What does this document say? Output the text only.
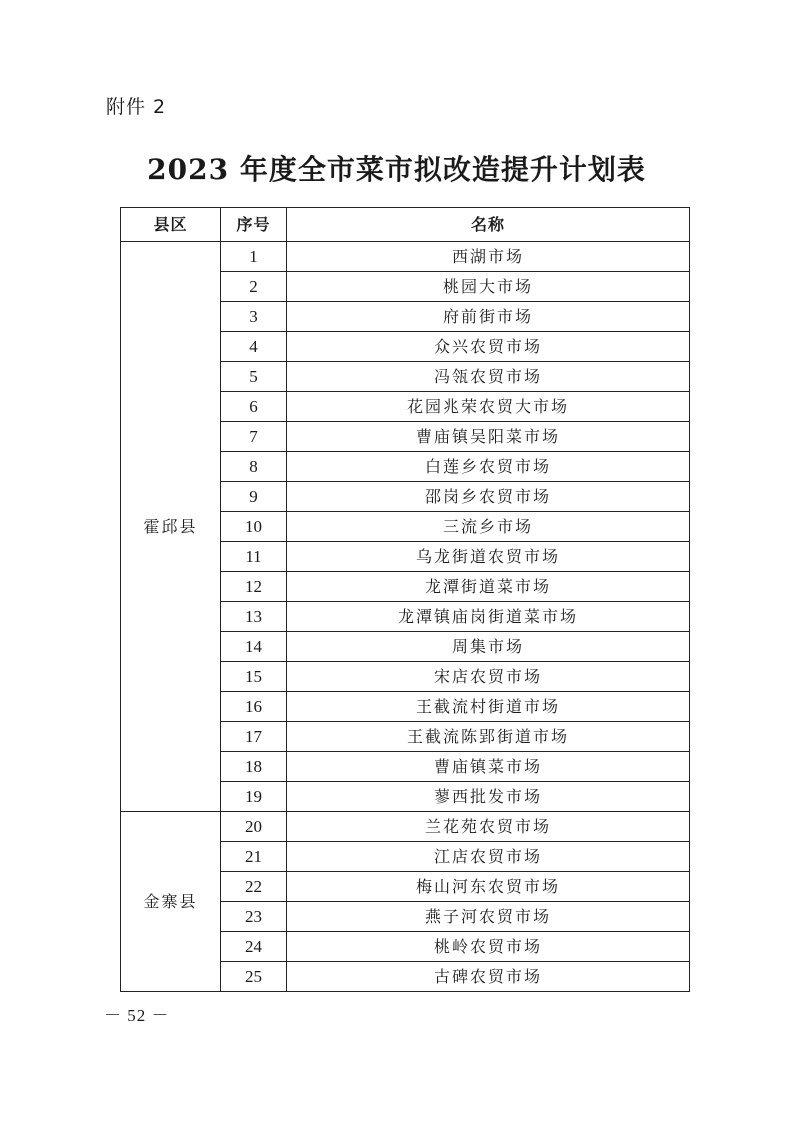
附件 2
2023 年度全市菜市拟改造提升计划表
县区	序号	名称
霍邱县	1	西湖市场
	2	桃园大市场
	3	府前街市场
	4	众兴农贸市场
	5	冯瓴农贸市场
	6	花园兆荣农贸大市场
	7	曹庙镇吴阳菜市场
	8	白莲乡农贸市场
	9	邵岗乡农贸市场
	10	三流乡市场
	11	乌龙街道农贸市场
	12	龙潭街道菜市场
	13	龙潭镇庙岗街道菜市场
	14	周集市场
	15	宋店农贸市场
	16	王截流村街道市场
	17	王截流陈郢街道市场
	18	曹庙镇菜市场
	19	蓼西批发市场
金寨县	20	兰花苑农贸市场
	21	江店农贸市场
	22	梅山河东农贸市场
	23	燕子河农贸市场
	24	桃岭农贸市场
	25	古碑农贸市场
－ 52 －
